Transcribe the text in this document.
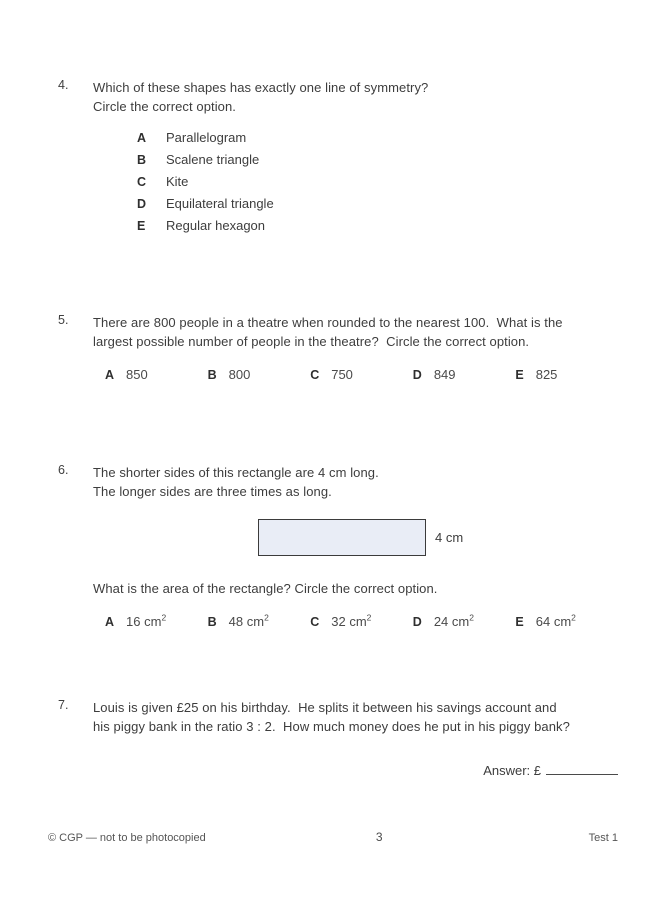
4.	Which of these shapes has exactly one line of symmetry?
Circle the correct option.
A	Parallelogram
B	Scalene triangle
C	Kite
D	Equilateral triangle
E	Regular hexagon
5.	There are 800 people in a theatre when rounded to the nearest 100.  What is the
largest possible number of people in the theatre?  Circle the correct option.
A 850	B 800	C 750	D 849	E 825
6.	The shorter sides of this rectangle are 4 cm long.
The longer sides are three times as long.
4 cm
What is the area of the rectangle? Circle the correct option.
A 16 $cm^2$	B 48 $cm^2$	C 32 $cm^2$	D 24 $cm^2$	E 64 $cm^2$
7.	Louis is given £25 on his birthday.  He splits it between his savings account and
his piggy bank in the ratio 3 : 2.  How much money does he put in his piggy bank?
Answer: £
© CGP — not to be photocopied	3	Test 1
